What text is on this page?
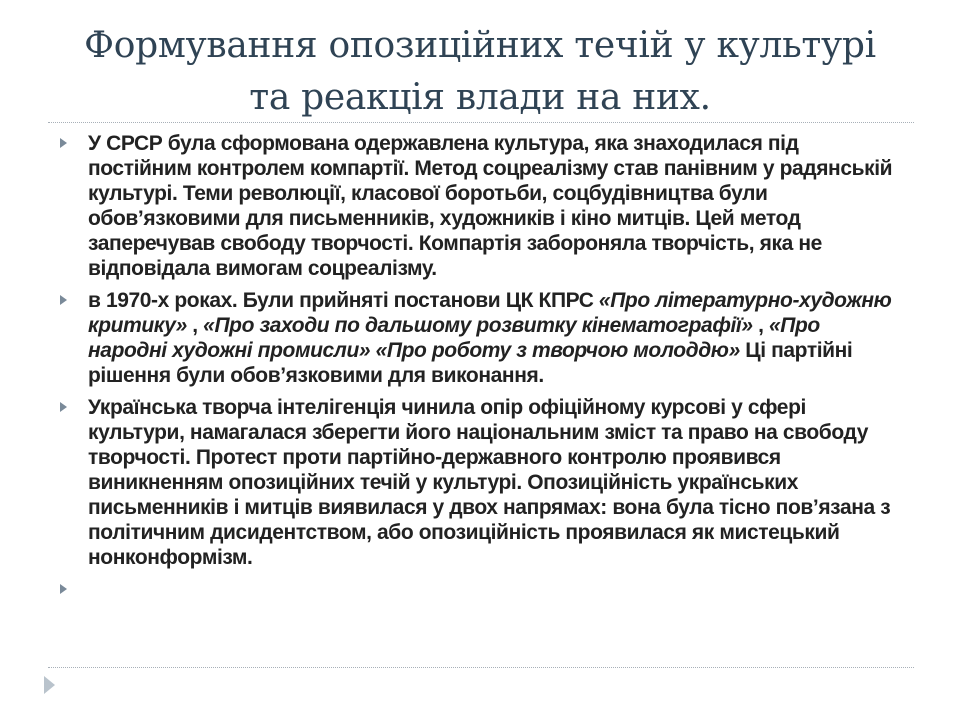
Формування опозиційних течій у культурі
та реакція влади на них.
У СРСР була сформована одержавлена культура, яка знаходилася під постійним контролем компартії. Метод соцреалізму став панівним у радянській культурі. Теми революції, класової боротьби, соцбудівництва були обов’язковими для письменників, художників і кіно митців. Цей метод заперечував свободу творчості. Компартія забороняла творчість, яка не відповідала вимогам соцреалізму.
в 1970-х роках. Були прийняті постанови ЦК КПРС «Про літературно-художню критику» , «Про заходи по дальшому розвитку кінематографії» , «Про народні художні промисли» «Про роботу з творчою молоддю» Ці партійні рішення були обов’язковими для виконання.
Українська творча інтелігенція чинила опір офіційному курсові у сфері культури, намагалася зберегти його національним зміст та право на свободу творчості. Протест проти партійно-державного контролю проявився виникненням опозиційних течій у культурі. Опозиційність українських письменників і митців виявилася у двох напрямах: вона була тісно пов’язана з політичним дисидентством, або опозиційність проявилася як мистецький нонконформізм.
